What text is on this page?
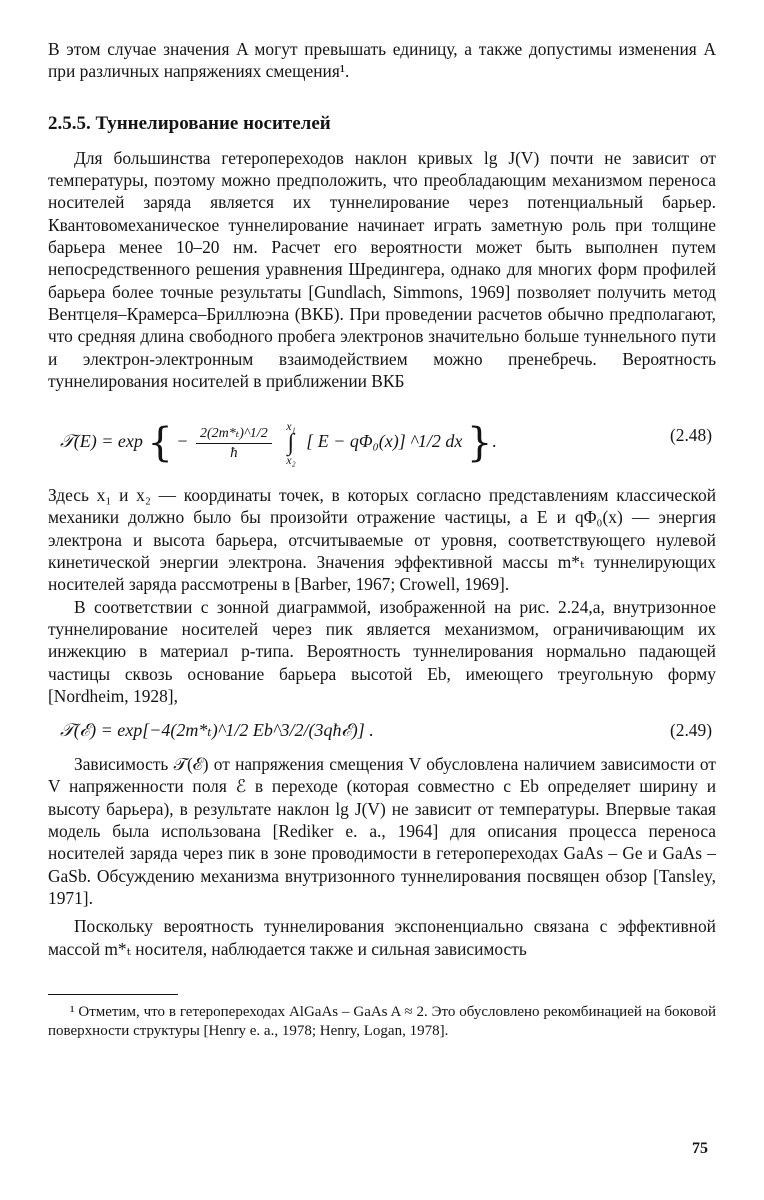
В этом случае значения A могут превышать единицу, а также допустимы изменения A при различных напряжениях смещения¹.

2.5.5. Туннелирование носителей

Для большинства гетеропереходов наклон кривых lg J(V) почти не зависит от температуры, поэтому можно предположить, что преобладающим механизмом переноса носителей заряда является их туннелирование через потенциальный барьер. Квантовомеханическое туннелирование начинает играть заметную роль при толщине барьера менее 10–20 нм. Расчет его вероятности может быть выполнен путем непосредственного решения уравнения Шредингера, однако для многих форм профилей барьера более точные результаты [Gundlach, Simmons, 1969] позволяет получить метод Вентцеля–Крамерса–Бриллюэна (ВКБ). При проведении расчетов обычно предполагают, что средняя длина свободного пробега электронов значительно больше туннельного пути и электрон-электронным взаимодействием можно пренебречь. Вероятность туннелирования носителей в приближении ВКБ

𝒯(E) = exp { − $\frac{\text{2(2m*ₜ)\textasciicircum{}1/2}}{ħ}$
x₁
∫
x₂
[ E − qΦ₀(x)] ^1/2 dx }.	(2.48)

Здесь x₁ и x₂ — координаты точек, в которых согласно представлениям классической механики должно было бы произойти отражение частицы, а E и qΦ₀(x) — энергия электрона и высота барьера, отсчитываемые от уровня, соответствующего нулевой кинетической энергии электрона. Значения эффективной массы m*ₜ туннелирующих носителей заряда рассмотрены в [Barber, 1967; Crowell, 1969].

В соответствии с зонной диаграммой, изображенной на рис. 2.24,а, внутризонное туннелирование носителей через пик является механизмом, ограничивающим их инжекцию в материал p-типа. Вероятность туннелирования нормально падающей частицы сквозь основание барьера высотой Eb, имеющего треугольную форму [Nordheim, 1928],

𝒯(ℰ) = exp[−4(2m*ₜ)^1/2 Eb^3/2/(3qħℰ)] .	(2.49)

Зависимость 𝒯(ℰ) от напряжения смещения V обусловлена наличием зависимости от V напряженности поля ℰ в переходе (которая совместно с Eb определяет ширину и высоту барьера), в результате наклон lg J(V) не зависит от температуры. Впервые такая модель была использована [Rediker e. a., 1964] для описания процесса переноса носителей заряда через пик в зоне проводимости в гетеропереходах GaAs – Ge и GaAs – GaSb. Обсуждению механизма внутризонного туннелирования посвящен обзор [Tansley, 1971].

Поскольку вероятность туннелирования экспоненциально связана с эффективной массой m*ₜ носителя, наблюдается также и сильная зависимость

¹ Отметим, что в гетеропереходах AlGaAs – GaAs A ≈ 2. Это обусловлено рекомбинацией на боковой поверхности структуры [Henry e. a., 1978; Henry, Logan, 1978].

75
